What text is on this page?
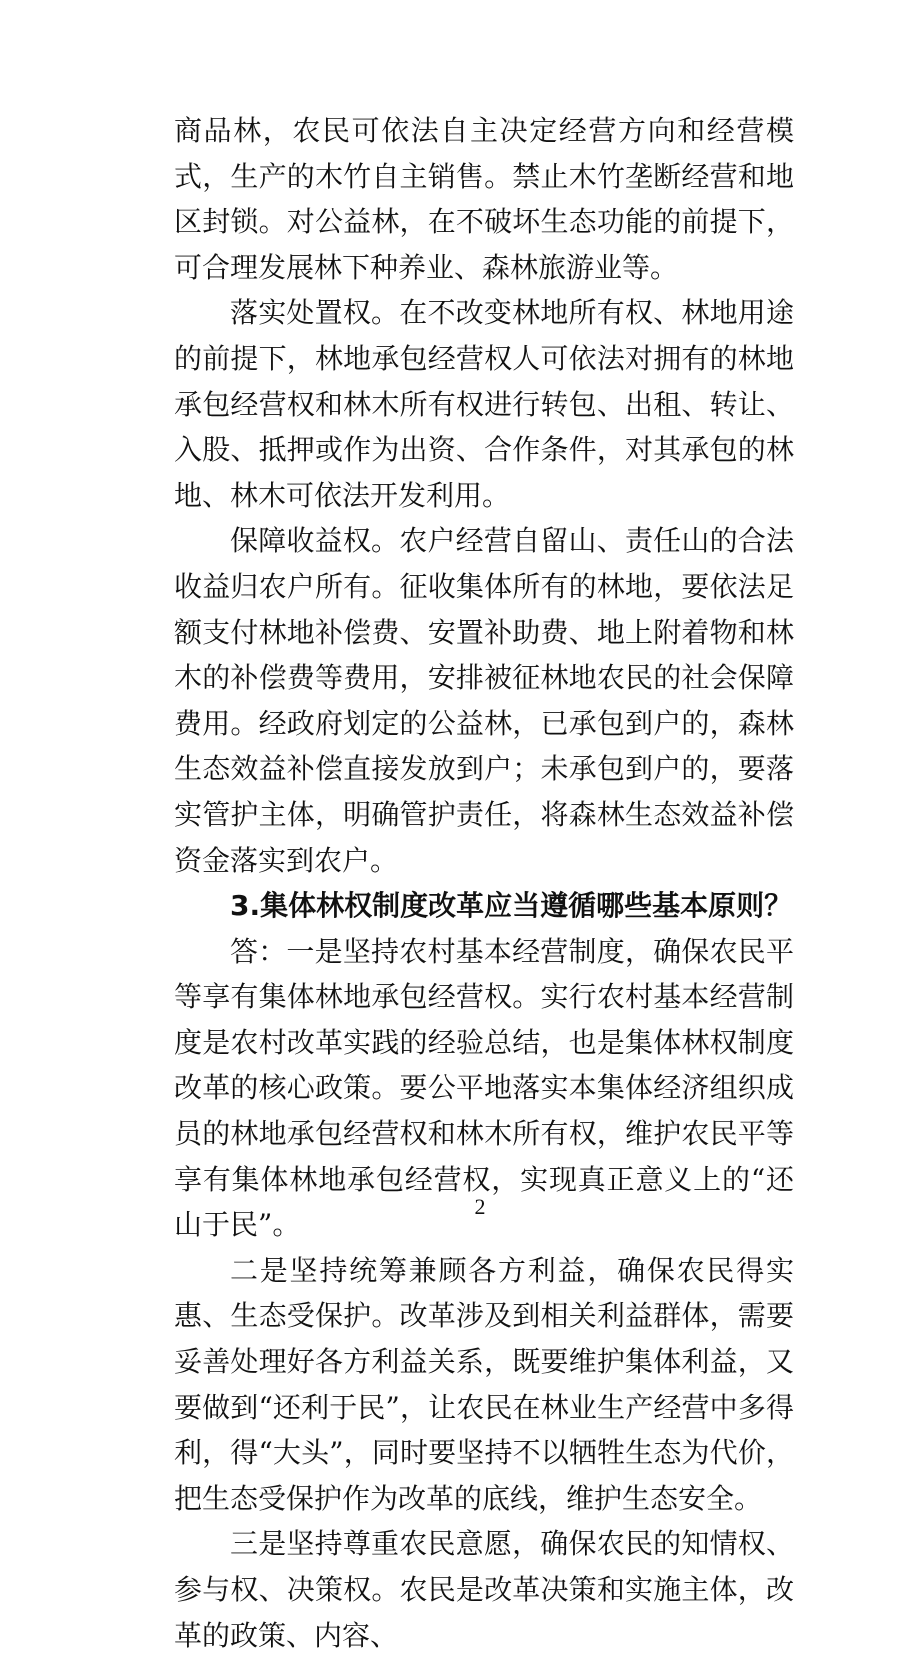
商品林，农民可依法自主决定经营方向和经营模式，生产的木竹自主销售。禁止木竹垄断经营和地区封锁。对公益林，在不破坏生态功能的前提下，可合理发展林下种养业、森林旅游业等。

落实处置权。在不改变林地所有权、林地用途的前提下，林地承包经营权人可依法对拥有的林地承包经营权和林木所有权进行转包、出租、转让、入股、抵押或作为出资、合作条件，对其承包的林地、林木可依法开发利用。

保障收益权。农户经营自留山、责任山的合法收益归农户所有。征收集体所有的林地，要依法足额支付林地补偿费、安置补助费、地上附着物和林木的补偿费等费用，安排被征林地农民的社会保障费用。经政府划定的公益林，已承包到户的，森林生态效益补偿直接发放到户；未承包到户的，要落实管护主体，明确管护责任，将森林生态效益补偿资金落实到农户。

3.集体林权制度改革应当遵循哪些基本原则？

答：一是坚持农村基本经营制度，确保农民平等享有集体林地承包经营权。实行农村基本经营制度是农村改革实践的经验总结，也是集体林权制度改革的核心政策。要公平地落实本集体经济组织成员的林地承包经营权和林木所有权，维护农民平等享有集体林地承包经营权，实现真正意义上的“还山于民”。

二是坚持统筹兼顾各方利益，确保农民得实惠、生态受保护。改革涉及到相关利益群体，需要妥善处理好各方利益关系，既要维护集体利益，又要做到“还利于民”，让农民在林业生产经营中多得利，得“大头”，同时要坚持不以牺牲生态为代价，把生态受保护作为改革的底线，维护生态安全。

三是坚持尊重农民意愿，确保农民的知情权、参与权、决策权。农民是改革决策和实施主体，改革的政策、内容、

2
